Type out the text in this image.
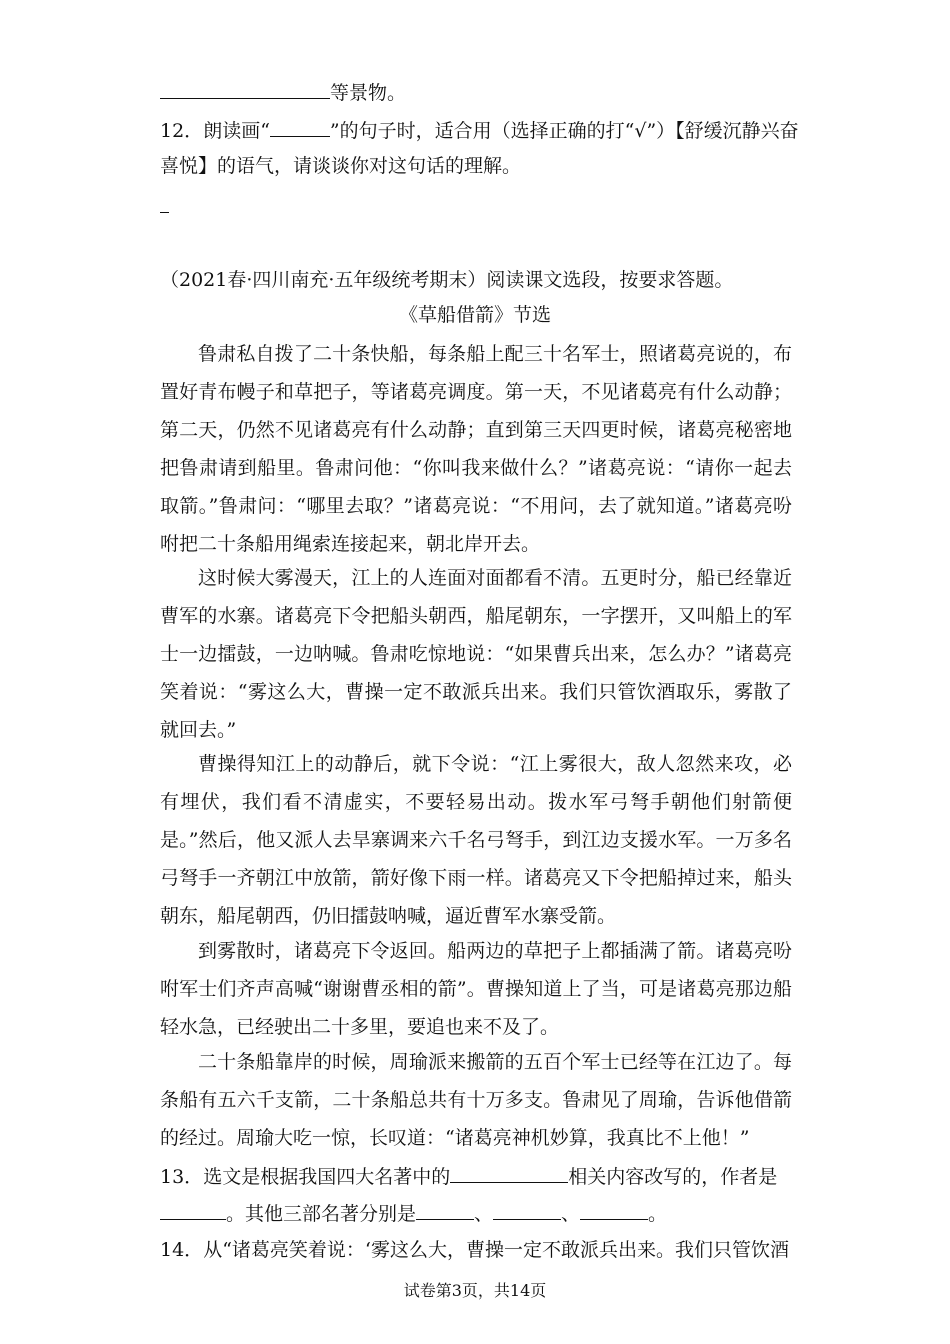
等景物。
12．朗读画“	”的句子时，适合用（选择正确的打“√”）【舒缓沉静兴奋
喜悦】的语气，请谈谈你对这句话的理解。
（2021春·四川南充·五年级统考期末）阅读课文选段，按要求答题。
《草船借箭》节选
鲁肃私自拨了二十条快船，每条船上配三十名军士，照诸葛亮说的，布置好青布幔子和草把子，等诸葛亮调度。第一天，不见诸葛亮有什么动静；第二天，仍然不见诸葛亮有什么动静；直到第三天四更时候，诸葛亮秘密地把鲁肃请到船里。鲁肃问他：“你叫我来做什么？”诸葛亮说：“请你一起去取箭。”鲁肃问：“哪里去取？”诸葛亮说：“不用问，去了就知道。”诸葛亮吩咐把二十条船用绳索连接起来，朝北岸开去。
这时候大雾漫天，江上的人连面对面都看不清。五更时分，船已经靠近曹军的水寨。诸葛亮下令把船头朝西，船尾朝东，一字摆开，又叫船上的军士一边擂鼓，一边呐喊。鲁肃吃惊地说：“如果曹兵出来，怎么办？”诸葛亮笑着说：“雾这么大，曹操一定不敢派兵出来。我们只管饮酒取乐，雾散了就回去。”
曹操得知江上的动静后，就下令说：“江上雾很大，敌人忽然来攻，必有埋伏，我们看不清虚实，不要轻易出动。拨水军弓弩手朝他们射箭便是。”然后，他又派人去旱寨调来六千名弓弩手，到江边支援水军。一万多名弓弩手一齐朝江中放箭，箭好像下雨一样。诸葛亮又下令把船掉过来，船头朝东，船尾朝西，仍旧擂鼓呐喊，逼近曹军水寨受箭。
到雾散时，诸葛亮下令返回。船两边的草把子上都插满了箭。诸葛亮吩咐军士们齐声高喊“谢谢曹丞相的箭”。曹操知道上了当，可是诸葛亮那边船轻水急，已经驶出二十多里，要追也来不及了。
二十条船靠岸的时候，周瑜派来搬箭的五百个军士已经等在江边了。每条船有五六千支箭，二十条船总共有十万多支。鲁肃见了周瑜，告诉他借箭的经过。周瑜大吃一惊，长叹道：“诸葛亮神机妙算，我真比不上他！”
13．选文是根据我国四大名著中的	相关内容改写的，作者是
。其他三部名著分别是	、	、	。
14．从“诸葛亮笑着说：‘雾这么大，曹操一定不敢派兵出来。我们只管饮酒
试卷第3页，共14页
